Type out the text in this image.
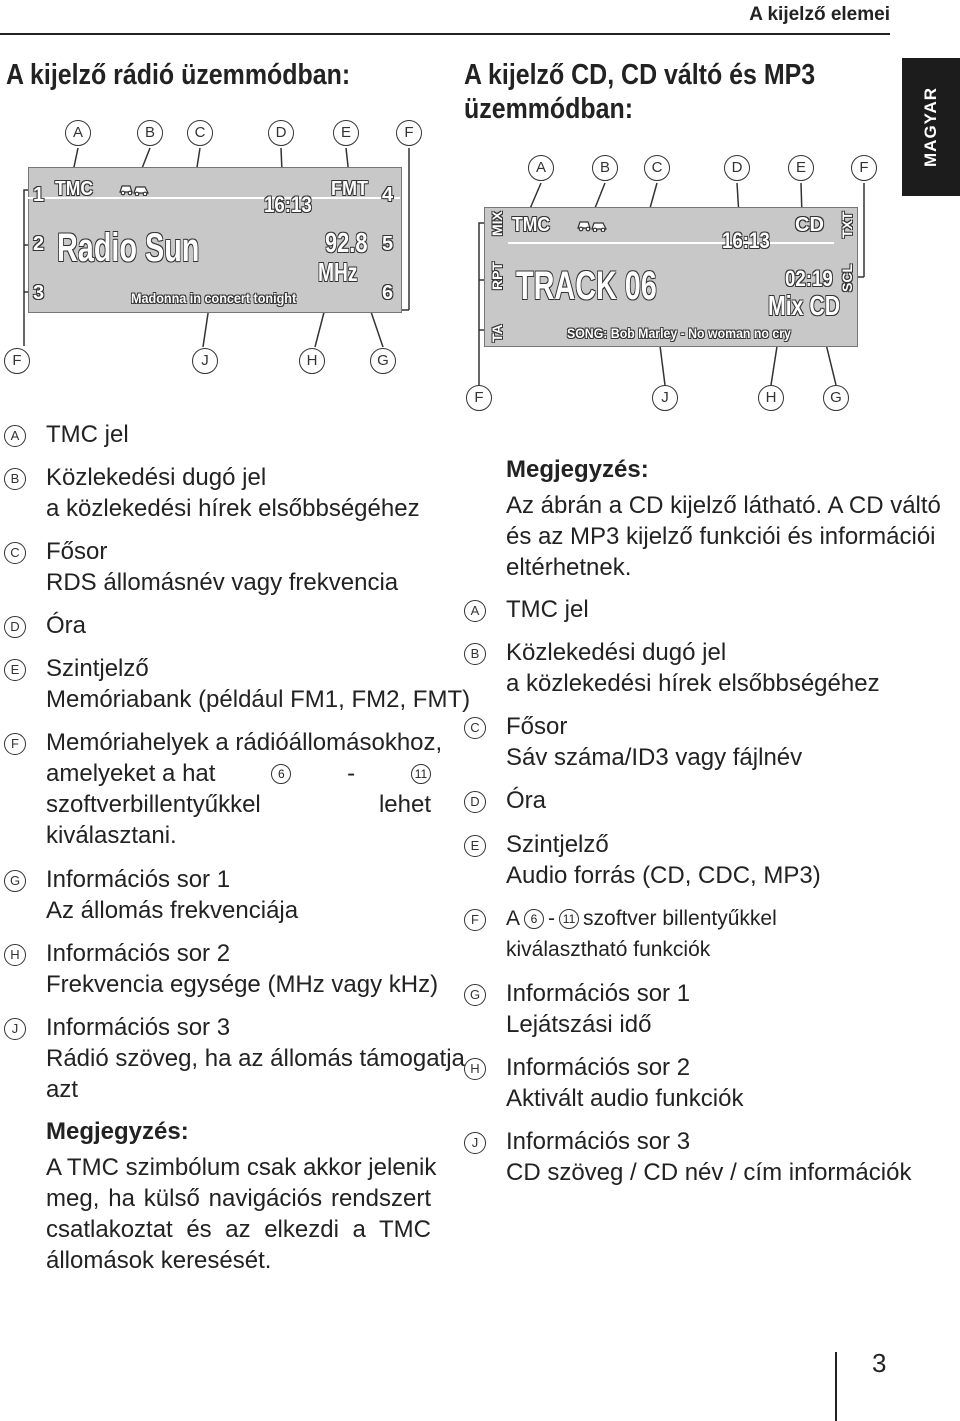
A kijelző elemei
MAGYAR
A kijelző rádió üzemmódban:
A	B	C	D	E	F
1
2
3
4
5
6
TMC
16:13
FMT
Radio Sun	92.8
MHz
Madonna in concert tonight
F	J	H	G
A TMC jel
B Közlekedési dugó jel
a közlekedési hírek elsőbbségéhez
C Fősor
RDS állomásnév vagy frekvencia
D Óra
E Szintjelző
Memóriabank (például FM1, FM2, FMT)
F Memóriahelyek a rádióállomásokhoz,
amelyeket a hat	6	-	11
szoftverbillentyűkkel	lehet
kiválasztani.
G Információs sor 1
Az állomás frekvenciája
H Információs sor 2
Frekvencia egysége (MHz vagy kHz)
J	Információs sor 3
Rádió szöveg, ha az állomás támogatja
azt
Megjegyzés:
A TMC szimbólum csak akkor jelenik
meg, ha külső navigációs rendszert
csatlakoztat és az elkezdi a TMC
állomások keresését.
A kijelző CD, CD váltó és MP3
üzemmódban:
A	B	C	D	E	F
MIX
RPT
TA
TXT
SCL
TMC
16:13
CD
TRACK 06	02:19
Mix CD
SONG: Bob Marley - No woman no cry
F	J	H	G
Megjegyzés:
Az ábrán a CD kijelző látható. A CD váltó
és az MP3 kijelző funkciói és információi
eltérhetnek.
A TMC jel
B Közlekedési dugó jel
a közlekedési hírek elsőbbségéhez
C Fősor
Sáv száma/ID3 vagy fájlnév
D Óra
E Szintjelző
Audio forrás (CD, CDC, MP3)
F	A 6 - 11 szoftver billentyűkkel
kiválasztható funkciók
G Információs sor 1
Lejátszási idő
H Információs sor 2
Aktivált audio funkciók
J	Információs sor 3
CD szöveg / CD név / cím információk
3
